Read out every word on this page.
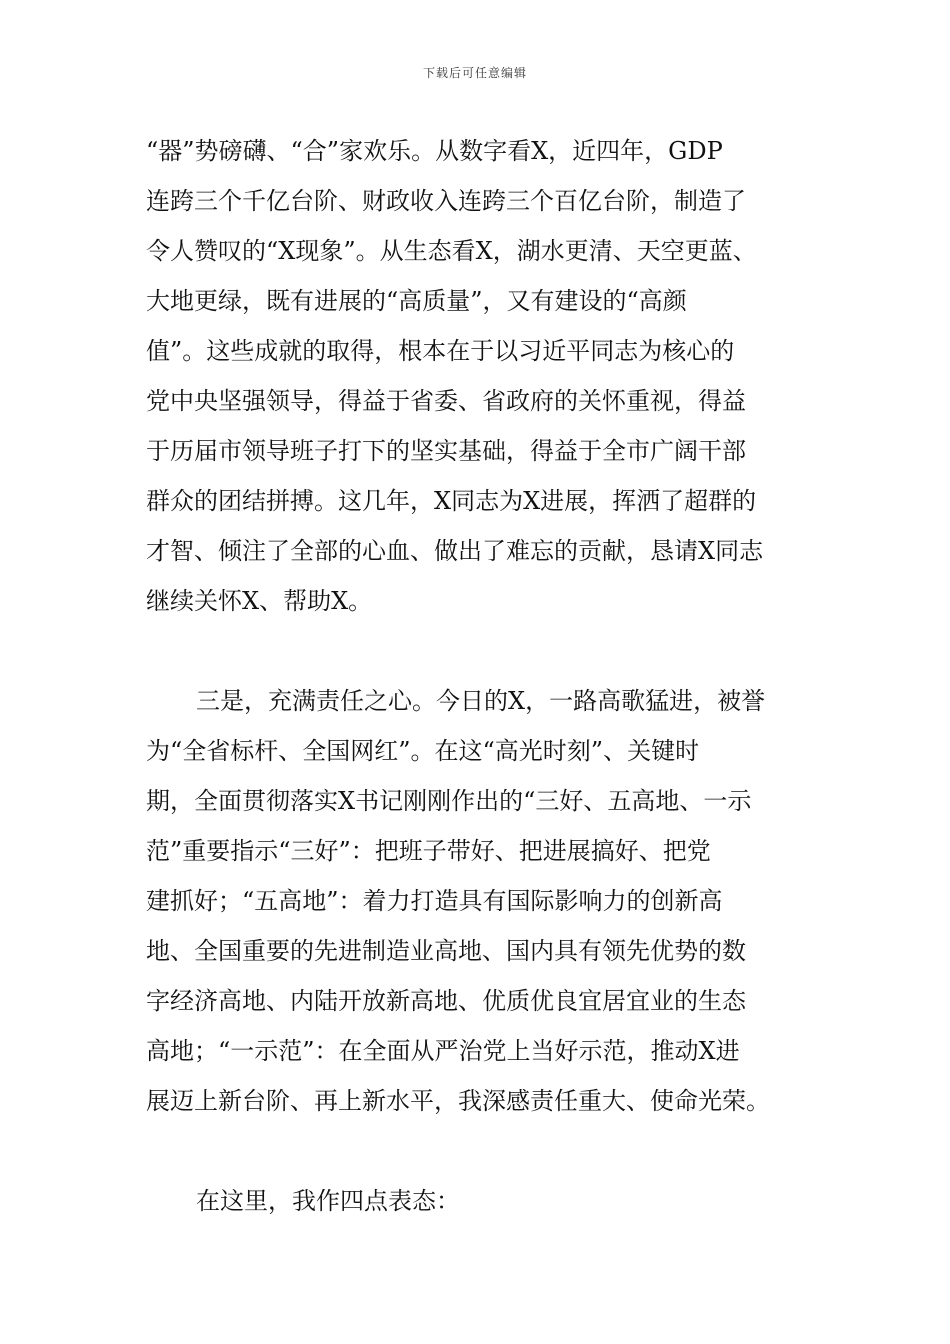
下载后可任意编辑
“器”势磅礴、“合”家欢乐。从数字看X，近四年，GDP
连跨三个千亿台阶、财政收入连跨三个百亿台阶，制造了
令人赞叹的“X现象”。从生态看X，湖水更清、天空更蓝、
大地更绿，既有进展的“高质量”，又有建设的“高颜
值”。这些成就的取得，根本在于以习近平同志为核心的
党中央坚强领导，得益于省委、省政府的关怀重视，得益
于历届市领导班子打下的坚实基础，得益于全市广阔干部
群众的团结拼搏。这几年，X同志为X进展，挥洒了超群的
才智、倾注了全部的心血、做出了难忘的贡献，恳请X同志
继续关怀X、帮助X。
三是，充满责任之心。今日的X，一路高歌猛进，被誉
为“全省标杆、全国网红”。在这“高光时刻”、关键时
期，全面贯彻落实X书记刚刚作出的“三好、五高地、一示
范”重要指示“三好”：把班子带好、把进展搞好、把党
建抓好；“五高地”：着力打造具有国际影响力的创新高
地、全国重要的先进制造业高地、国内具有领先优势的数
字经济高地、内陆开放新高地、优质优良宜居宜业的生态
高地；“一示范”：在全面从严治党上当好示范，推动X进
展迈上新台阶、再上新水平，我深感责任重大、使命光荣。
在这里，我作四点表态：
